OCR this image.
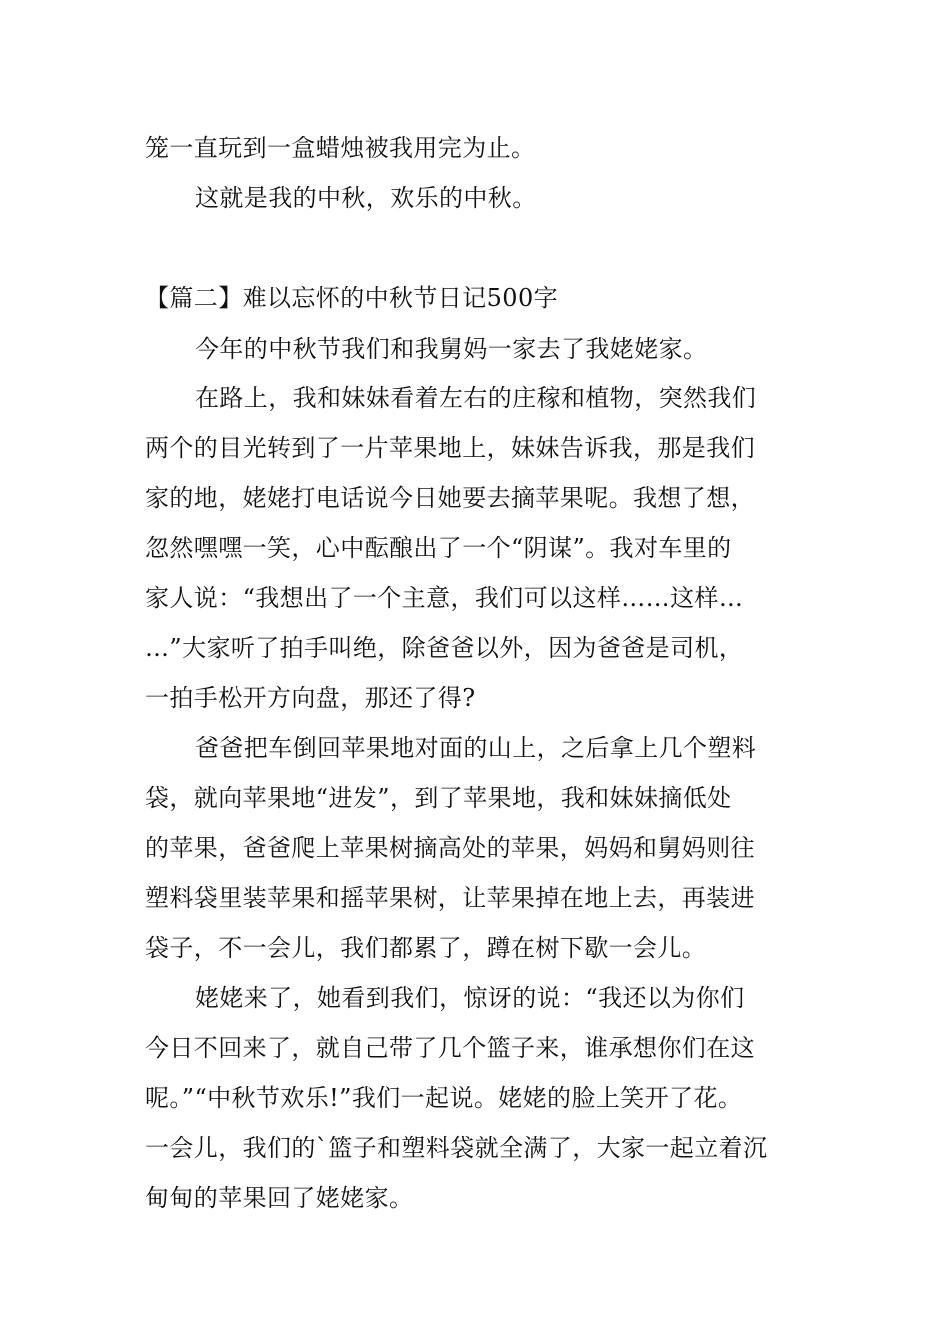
笼一直玩到一盒蜡烛被我用完为止。
这就是我的中秋，欢乐的中秋。
【篇二】难以忘怀的中秋节日记500字
今年的中秋节我们和我舅妈一家去了我姥姥家。
在路上，我和妹妹看着左右的庄稼和植物，突然我们
两个的目光转到了一片苹果地上，妹妹告诉我，那是我们
家的地，姥姥打电话说今日她要去摘苹果呢。我想了想，
忽然嘿嘿一笑，心中酝酿出了一个“阴谋”。我对车里的
家人说：“我想出了一个主意，我们可以这样……这样…
…”大家听了拍手叫绝，除爸爸以外，因为爸爸是司机，
一拍手松开方向盘，那还了得?
爸爸把车倒回苹果地对面的山上，之后拿上几个塑料
袋，就向苹果地“进发”，到了苹果地，我和妹妹摘低处
的苹果，爸爸爬上苹果树摘高处的苹果，妈妈和舅妈则往
塑料袋里装苹果和摇苹果树，让苹果掉在地上去，再装进
袋子，不一会儿，我们都累了，蹲在树下歇一会儿。
姥姥来了，她看到我们，惊讶的说：“我还以为你们
今日不回来了，就自己带了几个篮子来，谁承想你们在这
呢。”“中秋节欢乐!”我们一起说。姥姥的脸上笑开了花。
一会儿，我们的`篮子和塑料袋就全满了，大家一起立着沉
甸甸的苹果回了姥姥家。
